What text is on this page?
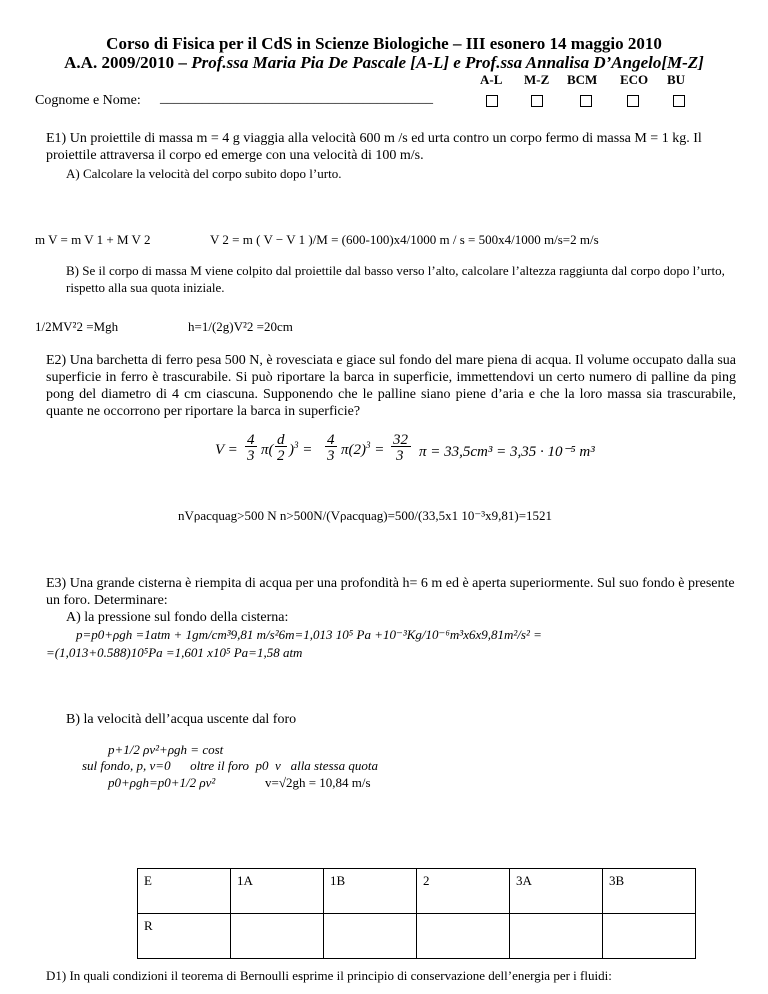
Corso di Fisica per il CdS in Scienze Biologiche – III esonero 14 maggio 2010
A.A. 2009/2010 – Prof.ssa Maria Pia De Pascale [A-L] e Prof.ssa Annalisa D’Angelo[M-Z]
A-L M-Z BCM ECO BU
Cognome e Nome: _______________________________________
E1) Un proiettile di massa m = 4 g viaggia alla velocità 600 m /s ed urta contro un corpo fermo di massa M = 1 kg. Il proiettile attraversa il corpo ed emerge con una velocità di 100 m/s.
A) Calcolare la velocità del corpo subito dopo l’urto.
m V = m V 1 + M V 2	V 2 = m ( V − V 1 )/M = (600-100)x4/1000 m / s = 500x4/1000 m/s=2 m/s
B) Se il corpo di massa M viene colpito dal proiettile dal basso verso l’alto, calcolare l’altezza raggiunta dal corpo dopo l’urto, rispetto alla sua quota iniziale.
1/2MV²2 =Mgh	h=1/(2g)V²2 =20cm
E2) Una barchetta di ferro pesa 500 N, è rovesciata e giace sul fondo del mare piena di acqua. Il volume occupato dalla sua superficie in ferro è trascurabile. Si può riportare la barca in superficie, immettendovi un certo numero di palline da ping pong del diametro di 4 cm ciascuna. Supponendo che le palline siano piene d’aria e che la loro massa sia trascurabile, quante ne occorrono per riportare la barca in superficie?
V =
4
3 π(
d
2 )$^3$ =
4
3 $\pi(2)^3$ =
32
3 π = 33,5cm³ = 3,35 · 10⁻⁵ m³
nVρacquag>500 N n>500N/(Vρacquag)=500/(33,5x1 10⁻³x9,81)=1521
E3) Una grande cisterna è riempita di acqua per una profondità h= 6 m ed è aperta superiormente. Sul suo fondo è presente un foro. Determinare:
A) la pressione sul fondo della cisterna:
p=p0+ρgh =1atm + 1gm/cm³9,81 m/s²6m=1,013 10⁵ Pa +10⁻³Kg/10⁻⁶m³x6x9,81m²/s² =
=(1,013+0.588)10⁵Pa =1,601 x10⁵ Pa=1,58 atm
B) la velocità dell’acqua uscente dal foro
p+1/2 ρv²+ρgh = cost
sul fondo, p, v=0      oltre il foro  p0  v   alla stessa quota
p0+ρgh=p0+1/2 ρv²	v=√2gh = 10,84 m/s
E	1A	1B	2	3A	3B
R					
D1) In quali condizioni il teorema di Bernoulli esprime il principio di conservazione dell’energia per i fluidi:
